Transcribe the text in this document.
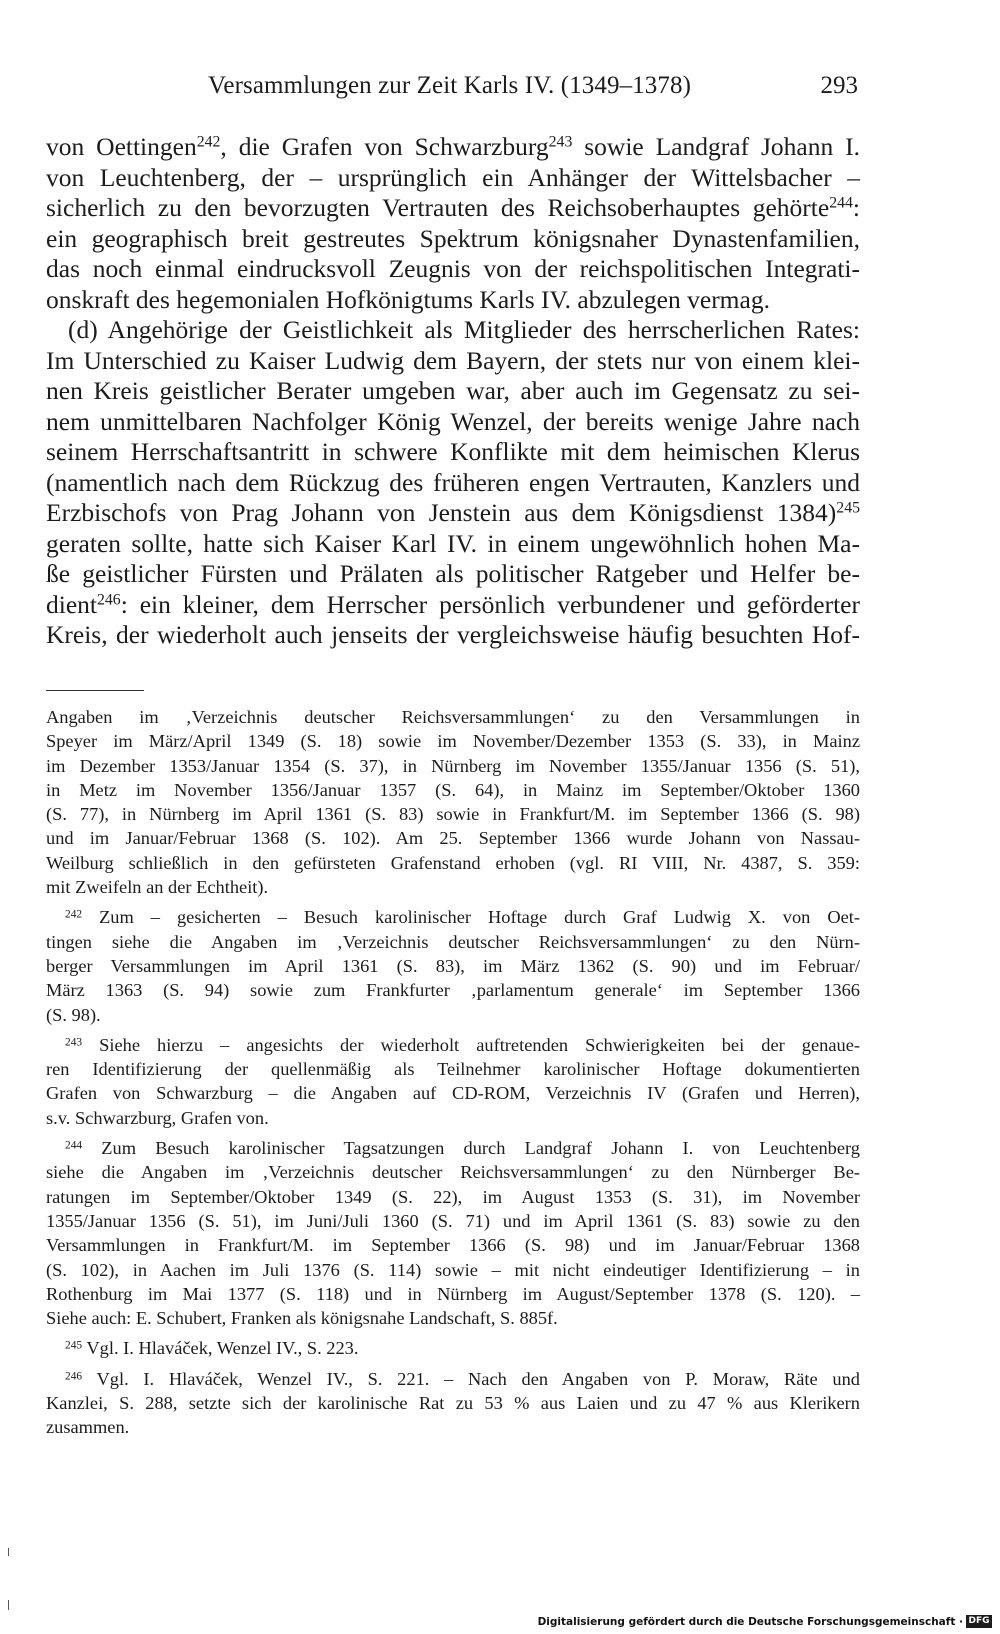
Versammlungen zur Zeit Karls IV. (1349–1378)	293
von Oettingen$^{242}$, die Grafen von Schwarzburg$^{243}$ sowie Landgraf Johann I.
von Leuchtenberg, der – ursprünglich ein Anhänger der Wittelsbacher –
sicherlich zu den bevorzugten Vertrauten des Reichsoberhauptes gehörte$^{244}$:
ein geographisch breit gestreutes Spektrum königsnaher Dynastenfamilien,
das noch einmal eindrucksvoll Zeugnis von der reichspolitischen Integrati-
onskraft des hegemonialen Hofkönigtums Karls IV. abzulegen vermag.
(d) Angehörige der Geistlichkeit als Mitglieder des herrscherlichen Rates:
Im Unterschied zu Kaiser Ludwig dem Bayern, der stets nur von einem klei-
nen Kreis geistlicher Berater umgeben war, aber auch im Gegensatz zu sei-
nem unmittelbaren Nachfolger König Wenzel, der bereits wenige Jahre nach
seinem Herrschaftsantritt in schwere Konflikte mit dem heimischen Klerus
(namentlich nach dem Rückzug des früheren engen Vertrauten, Kanzlers und
Erzbischofs von Prag Johann von Jenstein aus dem Königsdienst 1384)$^{245}$
geraten sollte, hatte sich Kaiser Karl IV. in einem ungewöhnlich hohen Ma-
ße geistlicher Fürsten und Prälaten als politischer Ratgeber und Helfer be-
dient$^{246}$: ein kleiner, dem Herrscher persönlich verbundener und geförderter
Kreis, der wiederholt auch jenseits der vergleichsweise häufig besuchten Hof-
Angaben im ‚Verzeichnis deutscher Reichsversammlungen‘ zu den Versammlungen in
Speyer im März/April 1349 (S. 18) sowie im November/Dezember 1353 (S. 33), in Mainz
im Dezember 1353/Januar 1354 (S. 37), in Nürnberg im November 1355/Januar 1356 (S. 51),
in Metz im November 1356/Januar 1357 (S. 64), in Mainz im September/Oktober 1360
(S. 77), in Nürnberg im April 1361 (S. 83) sowie in Frankfurt/M. im September 1366 (S. 98)
und im Januar/Februar 1368 (S. 102). Am 25. September 1366 wurde Johann von Nassau-
Weilburg schließlich in den gefürsteten Grafenstand erhoben (vgl. RI VIII, Nr. 4387, S. 359:
mit Zweifeln an der Echtheit).
$^{242}$ Zum – gesicherten – Besuch karolinischer Hoftage durch Graf Ludwig X. von Oet-
tingen siehe die Angaben im ‚Verzeichnis deutscher Reichsversammlungen‘ zu den Nürn-
berger Versammlungen im April 1361 (S. 83), im März 1362 (S. 90) und im Februar/
März 1363 (S. 94) sowie zum Frankfurter ‚parlamentum generale‘ im September 1366
(S. 98).
$^{243}$ Siehe hierzu – angesichts der wiederholt auftretenden Schwierigkeiten bei der genaue-
ren Identifizierung der quellenmäßig als Teilnehmer karolinischer Hoftage dokumentierten
Grafen von Schwarzburg – die Angaben auf CD-ROM, Verzeichnis IV (Grafen und Herren),
s.v. Schwarzburg, Grafen von.
$^{244}$ Zum Besuch karolinischer Tagsatzungen durch Landgraf Johann I. von Leuchtenberg
siehe die Angaben im ‚Verzeichnis deutscher Reichsversammlungen‘ zu den Nürnberger Be-
ratungen im September/Oktober 1349 (S. 22), im August 1353 (S. 31), im November
1355/Januar 1356 (S. 51), im Juni/Juli 1360 (S. 71) und im April 1361 (S. 83) sowie zu den
Versammlungen in Frankfurt/M. im September 1366 (S. 98) und im Januar/Februar 1368
(S. 102), in Aachen im Juli 1376 (S. 114) sowie – mit nicht eindeutiger Identifizierung – in
Rothenburg im Mai 1377 (S. 118) und in Nürnberg im August/September 1378 (S. 120). –
Siehe auch: E. Schubert, Franken als königsnahe Landschaft, S. 885f.
$^{245}$ Vgl. I. Hlaváček, Wenzel IV., S. 223.
$^{246}$ Vgl. I. Hlaváček, Wenzel IV., S. 221. – Nach den Angaben von P. Moraw, Räte und
Kanzlei, S. 288, setzte sich der karolinische Rat zu 53 % aus Laien und zu 47 % aus Klerikern
zusammen.
Digitalisierung gefördert durch die Deutsche Forschungsgemeinschaft · DFG
